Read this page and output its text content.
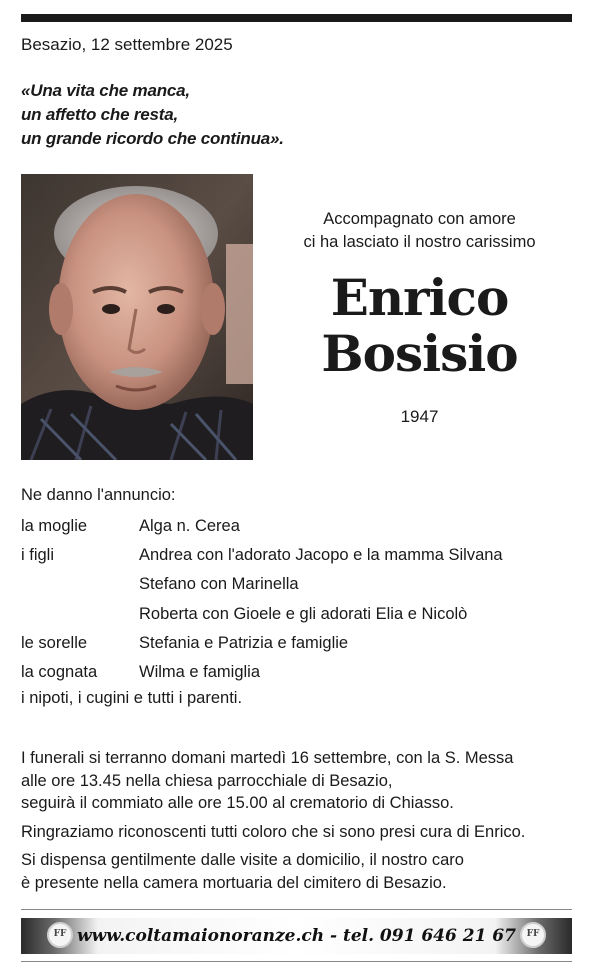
Besazio, 12 settembre 2025
«Una vita che manca,
un affetto che resta,
un grande ricordo che continua».
Accompagnato con amore
ci ha lasciato il nostro carissimo
Enrico
Bosisio
1947
Ne danno l'annuncio:
la moglie	Alga n. Cerea
i figli	Andrea con l'adorato Jacopo e la mamma Silvana
Stefano con Marinella
Roberta con Gioele e gli adorati Elia e Nicolò
le sorelle	Stefania e Patrizia e famiglie
la cognata	Wilma e famiglia
i nipoti, i cugini e tutti i parenti.
I funerali si terranno domani martedì 16 settembre, con la S. Messa
alle ore 13.45 nella chiesa parrocchiale di Besazio,
seguirà il commiato alle ore 15.00 al crematorio di Chiasso.
Ringraziamo riconoscenti tutti coloro che si sono presi cura di Enrico.
Si dispensa gentilmente dalle visite a domicilio, il nostro caro
è presente nella camera mortuaria del cimitero di Besazio.
FF www.coltamaionoranze.ch - tel. 091 646 21 67	FF
